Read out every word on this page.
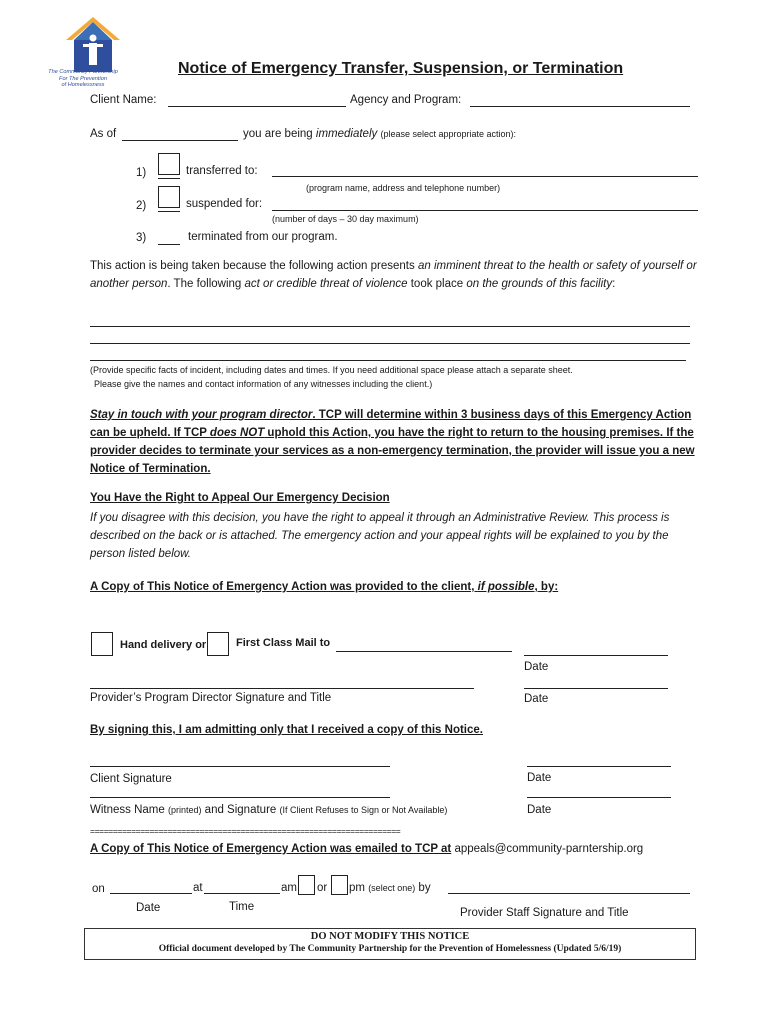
The Community Partnership
For The Prevention
of Homelessness
Notice of Emergency Transfer, Suspension, or Termination
Client Name:	Agency and Program:
As of	you are being immediately (please select appropriate action):
1)	transferred to:
(program name, address and telephone number)
2)	suspended for:
(number of days – 30 day maximum)
3)	terminated from our program.
This action is being taken because the following action presents an imminent threat to the health or safety of yourself or another person. The following act or credible threat of violence took place on the grounds of this facility:
(Provide specific facts of incident, including dates and times. If you need additional space please attach a separate sheet.
Please give the names and contact information of any witnesses including the client.)
Stay in touch with your program director. TCP will determine within 3 business days of this Emergency Action can be upheld. If TCP does NOT uphold this Action, you have the right to return to the housing premises. If the provider decides to terminate your services as a non-emergency termination, the provider will issue you a new Notice of Termination.
You Have the Right to Appeal Our Emergency Decision
If you disagree with this decision, you have the right to appeal it through an Administrative Review. This process is described on the back or is attached. The emergency action and your appeal rights will be explained to you by the person listed below.
A Copy of This Notice of Emergency Action was provided to the client, if possible, by:
Hand delivery or	First Class Mail to
Date
Provider’s Program Director Signature and Title	Date
By signing this, I am admitting only that I received a copy of this Notice.
Client Signature	Date
Witness Name (printed) and Signature (If Client Refuses to Sign or Not Available)	Date
====================================================================
A Copy of This Notice of Emergency Action was emailed to TCP at appeals@community-parntership.org
on	at	am or pm (select one) by
Date	Time	Provider Staff Signature and Title
DO NOT MODIFY THIS NOTICE
Official document developed by The Community Partnership for the Prevention of Homelessness (Updated 5/6/19)
